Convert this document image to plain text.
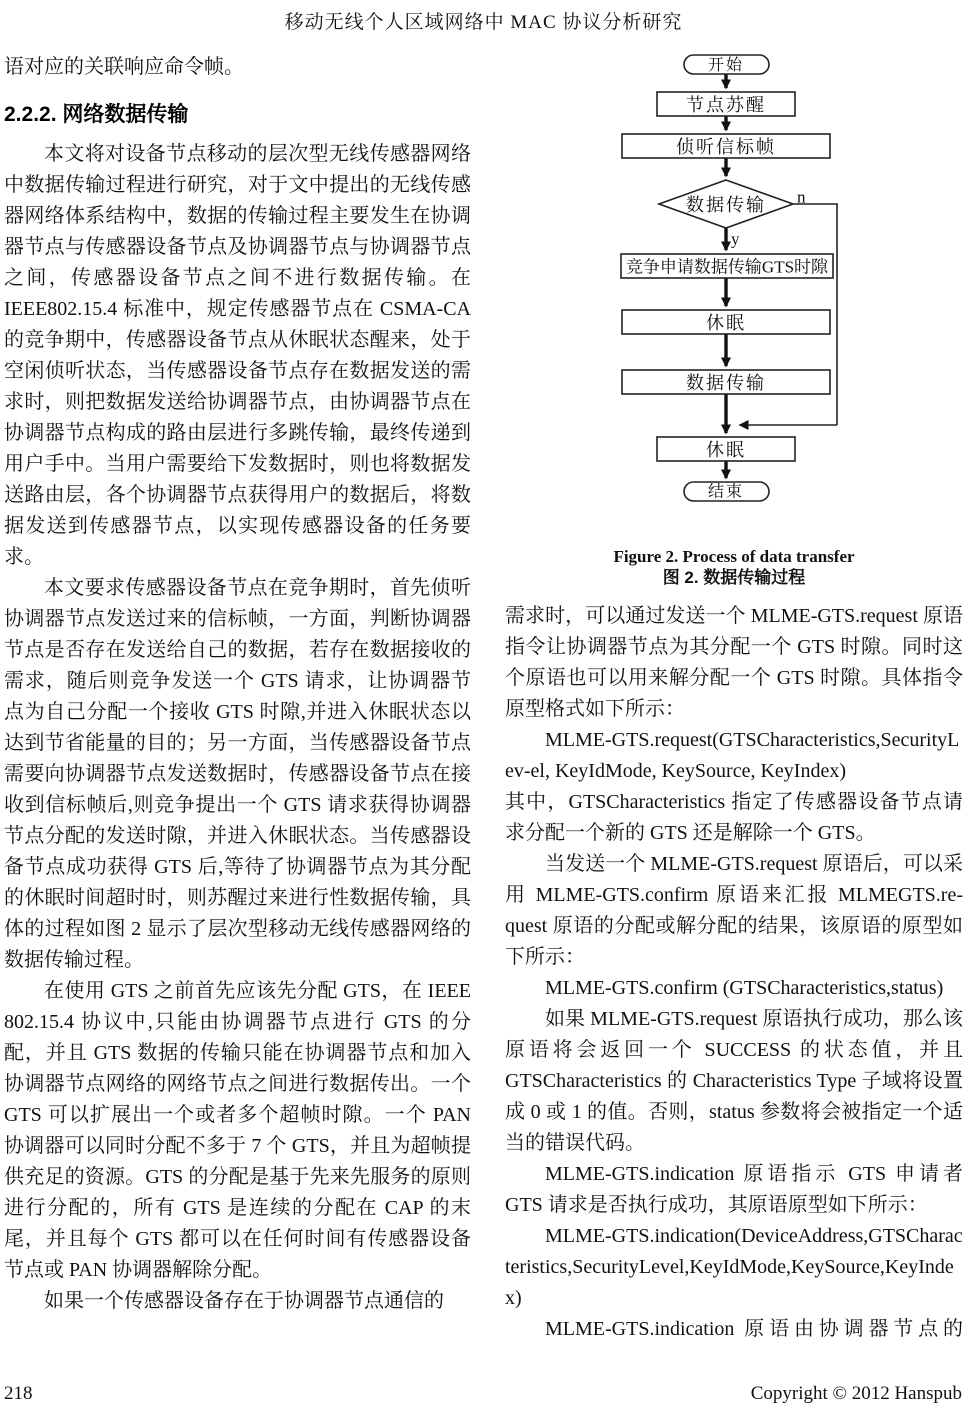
移动无线个人区域网络中 MAC 协议分析研究

语对应的关联响应命令帧。

2.2.2. 网络数据传输

本文将对设备节点移动的层次型无线传感器网络中数据传输过程进行研究，对于文中提出的无线传感器网络体系结构中，数据的传输过程主要发生在协调器节点与传感器设备节点及协调器节点与协调器节点之间，传感器设备节点之间不进行数据传输。在 IEEE802.15.4 标准中，规定传感器节点在 CSMA-CA 的竞争期中，传感器设备节点从休眠状态醒来，处于空闲侦听状态，当传感器设备节点存在数据发送的需求时，则把数据发送给协调器节点，由协调器节点在协调器节点构成的路由层进行多跳传输，最终传递到用户手中。当用户需要给下发数据时，则也将数据发送路由层，各个协调器节点获得用户的数据后，将数据发送到传感器节点，以实现传感器设备的任务要求。

本文要求传感器设备节点在竞争期时，首先侦听协调器节点发送过来的信标帧，一方面，判断协调器节点是否存在发送给自己的数据，若存在数据接收的需求，随后则竞争发送一个 GTS 请求，让协调器节点为自己分配一个接收 GTS 时隙,并进入休眠状态以达到节省能量的目的；另一方面，当传感器设备节点需要向协调器节点发送数据时，传感器设备节点在接收到信标帧后,则竞争提出一个 GTS 请求获得协调器节点分配的发送时隙，并进入休眠状态。当传感器设备节点成功获得 GTS 后,等待了协调器节点为其分配的休眠时间超时时，则苏醒过来进行性数据传输，具体的过程如图 2 显示了层次型移动无线传感器网络的数据传输过程。

在使用 GTS 之前首先应该先分配 GTS，在 IEEE 802.15.4 协议中,只能由协调器节点进行 GTS 的分配，并且 GTS 数据的传输只能在协调器节点和加入协调器节点网络的网络节点之间进行数据传出。一个 GTS 可以扩展出一个或者多个超帧时隙。一个 PAN 协调器可以同时分配不多于 7 个 GTS，并且为超帧提供充足的资源。GTS 的分配是基于先来先服务的原则进行分配的，所有 GTS 是连续的分配在 CAP 的末尾，并且每个 GTS 都可以在任何时间有传感器设备节点或 PAN 协调器解除分配。

如果一个传感器设备存在于协调器节点通信的

开始
节点苏醒
侦听信标帧
数据传输
竞争申请数据传输GTS时隙
休眠
数据传输
休眠
结束
y
n
Figure 2. Process of data transfer
图 2. 数据传输过程

需求时，可以通过发送一个 MLME-GTS.request 原语指令让协调器节点为其分配一个 GTS 时隙。同时这个原语也可以用来解分配一个 GTS 时隙。具体指令原型格式如下所示：

MLME-GTS.request(GTSCharacteristics,SecurityLev-el, KeyIdMode, KeySource, KeyIndex)

其中，GTSCharacteristics 指定了传感器设备节点请求分配一个新的 GTS 还是解除一个 GTS。

当发送一个 MLME-GTS.request 原语后，可以采用 MLME-GTS.confirm 原语来汇报 MLMEGTS.re-quest 原语的分配或解分配的结果，该原语的原型如下所示：

MLME-GTS.confirm (GTSCharacteristics,status)

如果 MLME-GTS.request 原语执行成功，那么该原语将会返回一个 SUCCESS 的状态值，并且 GTSCharacteristics 的 Characteristics Type 子域将设置成 0 或 1 的值。否则，status 参数将会被指定一个适当的错误代码。

MLME-GTS.indication 原语指示 GTS 申请者 GTS 请求是否执行成功，其原语原型如下所示：

MLME-GTS.indication(DeviceAddress,GTSCharacteristics,SecurityLevel,KeyIdMode,KeySource,KeyIndex)

MLME-GTS.indication 原语由协调器节点的

218	Copyright © 2012 Hanspub
